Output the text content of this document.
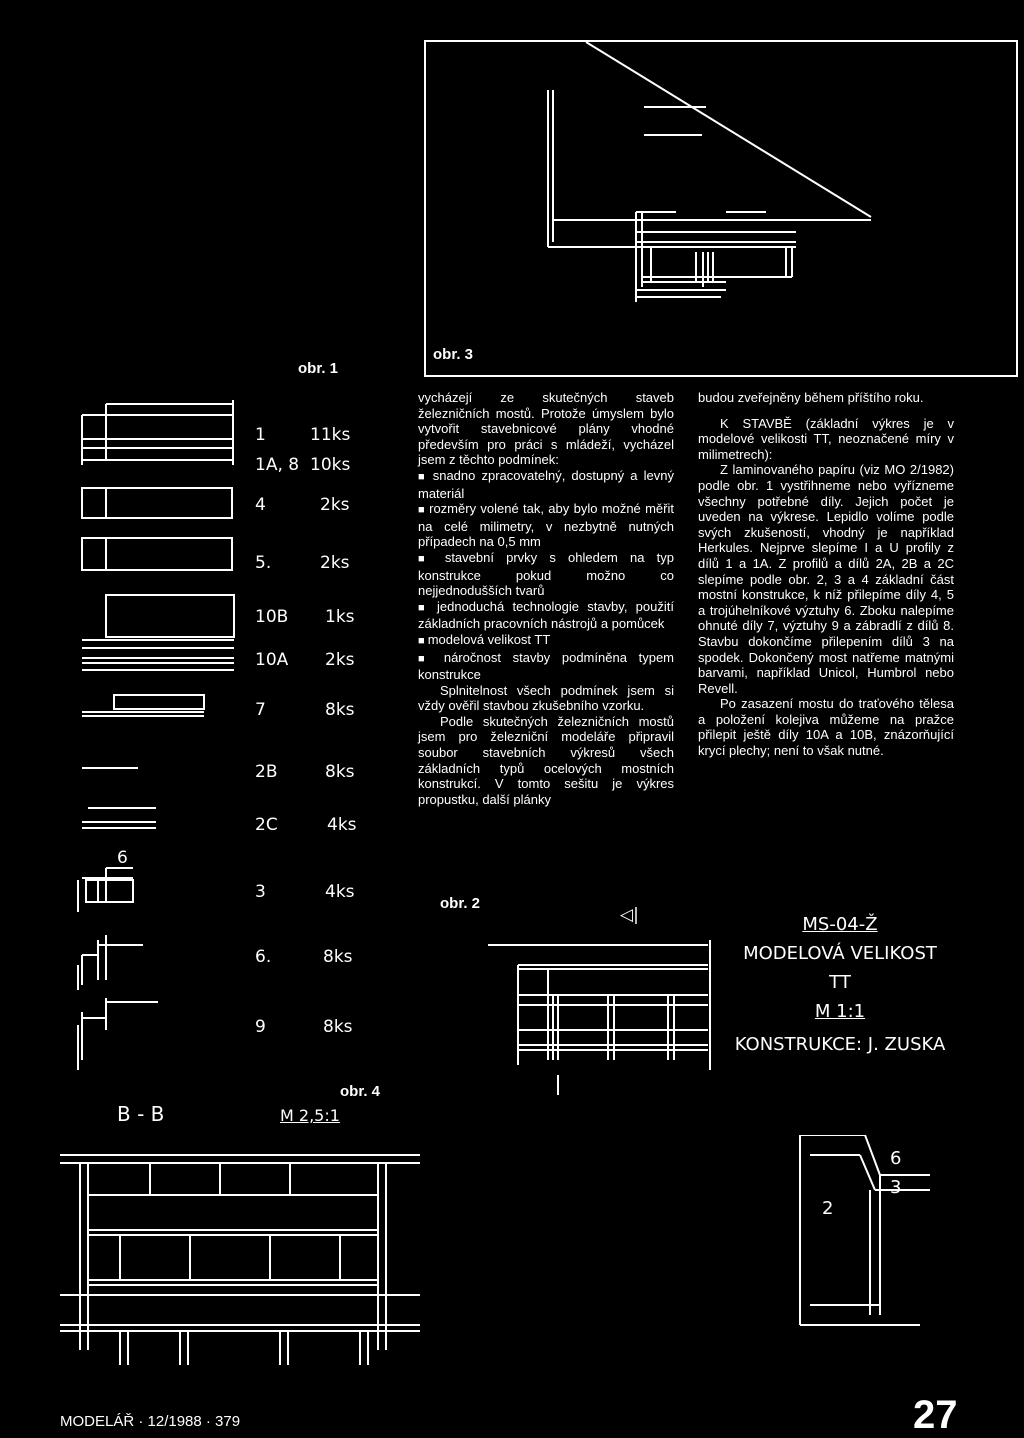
obr. 3
obr. 1
6
1	11ks
1A, 8 10ks
4	2ks
5.	2ks
10B 1ks
10A 2ks
7	8ks
2B	8ks
2C	4ks
3	4ks
6.	8ks
9	8ks

vycházejí ze skutečných staveb železničních mostů. Protože úmyslem bylo vytvořit stavebnicové plány vhodné především pro práci s mládeží, vycházel jsem z těchto podmínek:

■ snadno zpracovatelný, dostupný a levný materiál

■ rozměry volené tak, aby bylo možné měřit na celé milimetry, v nezbytně nutných případech na 0,5 mm

■ stavební prvky s ohledem na typ konstrukce pokud možno co nejjednodušších tvarů

■ jednoduchá technologie stavby, použití základních pracovních nástrojů a pomůcek

■ modelová velikost TT

■ náročnost stavby podmíněna typem konstrukce

Splnitelnost všech podmínek jsem si vždy ověřil stavbou zkušebního vzorku.

Podle skutečných železničních mostů jsem pro železniční modeláře připravil soubor stavebních výkresů všech základních typů ocelových mostních konstrukcí. V tomto sešitu je výkres propustku, další plánky

budou zveřejněny během příštího roku.

K STAVBĚ (základní výkres je v modelové velikosti TT, neoznačené míry v milimetrech):

Z laminovaného papíru (viz MO 2/1982) podle obr. 1 vystřihneme nebo vyřízneme všechny potřebné díly. Jejich počet je uveden na výkrese. Lepidlo volíme podle svých zkušeností, vhodný je například Herkules. Nejprve slepíme I a U profily z dílů 1 a 1A. Z profilů a dílů 2A, 2B a 2C slepíme podle obr. 2, 3 a 4 základní část mostní konstrukce, k níž přilepíme díly 4, 5 a trojúhelníkové výztuhy 6. Zboku nalepíme ohnuté díly 7, výztuhy 9 a zábradlí z dílů 8. Stavbu dokončíme přilepením dílů 3 na spodek. Dokončený most natřeme matnými barvami, například Unicol, Humbrol nebo Revell.

Po zasazení mostu do traťového tělesa a položení kolejiva můžeme na pražce přilepit ještě díly 10A a 10B, znázorňující krycí plechy; není to však nutné.

obr. 2
◁|	MS-04-Ž
MODELOVÁ VELIKOST
TT
M 1:1
KONSTRUKCE: J. ZUSKA
obr. 4
B - B	M 2,5:1
6
3
2
MODELÁŘ · 12/1988 · 379	27
